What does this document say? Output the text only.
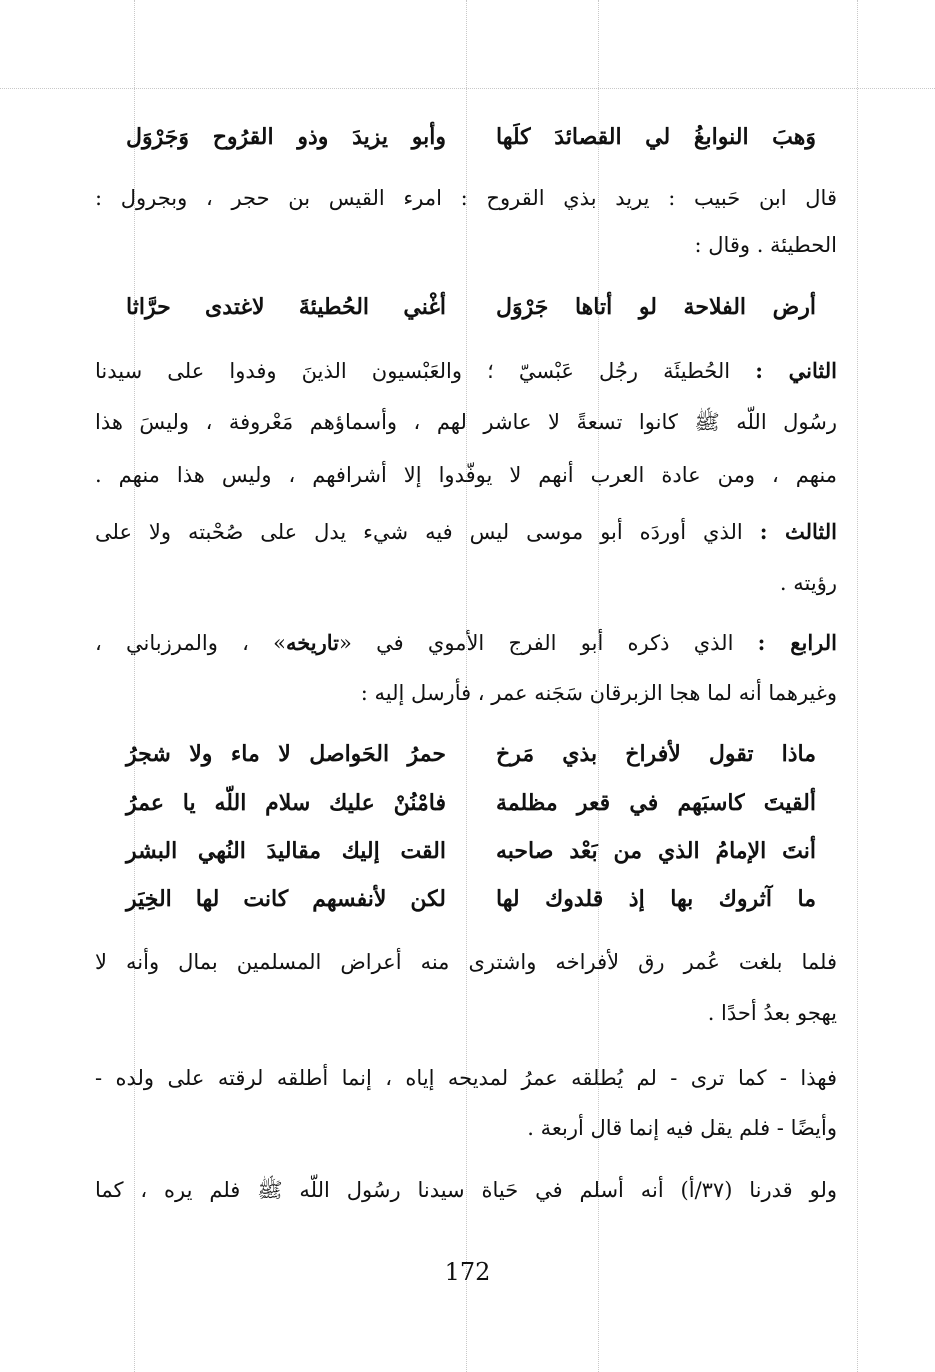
وَهبَ النوابغُ لي القصائدَ كلَها
وأبو يزيدَ وذو القرُوح وَجَرْوَل
قال ابن حَبيب : يريد بذي القروح : امرء القيس بن حجر ، وبجرول :
الحطيئة . وقال :
أرض الفلاحة لو أتاها جَرْوَل
أغْني الحُطيئةَ لاغتدى حرَّاثا
الثاني : الحُطيئَة رجُل عَبْسيّ ؛ والعَبْسيون الذينَ وفدوا على سيدنا
رسُول اللّه ﷺ كانوا تسعةً لا عاشر لهم ، وأسماؤهم مَعْروفة ، وليسَ هذا
منهم ، ومن عادة العرب أنهم لا يوفّدوا إلا أشرافهم ، وليس هذا منهم .
الثالث : الذي أوردَه أبو موسى ليس فيه شيء يدل على صُحْبته ولا على
رؤيته .
الرابع : الذي ذكره أبو الفرج الأموي في «تاريخه» ، والمرزباني ،
وغيرهما أنه لما هجا الزبرقان سَجَنه عمر ، فأرسل إليه :
ماذا تقول لأفراخ بذي مَرخ
حمرُ الحَواصل لا ماء ولا شجرُ
ألقيتَ كاسبَهم في قعر مظلمة
فامْنُنْ عليك سلام اللّه يا عمرُ
أنتَ الإمامُ الذي من بَعْد صاحبه
القت إليك مقاليدَ النُهي البشر
ما آثروك بها إذ قلدوك لها
لكن لأنفسهم كانت لها الخِيَر
فلما بلغت عُمر رق لأفراخه واشترى منه أعراض المسلمين بمال وأنه لا
يهجو بعدُ أحدًا .
فهذا - كما ترى - لم يُطلقه عمرُ لمديحه إياه ، إنما أطلقه لرقته على ولده -
وأيضًا - فلم يقل فيه إنما قال أربعة .
ولو قدرنا (٣٧/أ) أنه أسلم في حَياة سيدنا رسُول اللّه ﷺ فلم يره ، كما
172
